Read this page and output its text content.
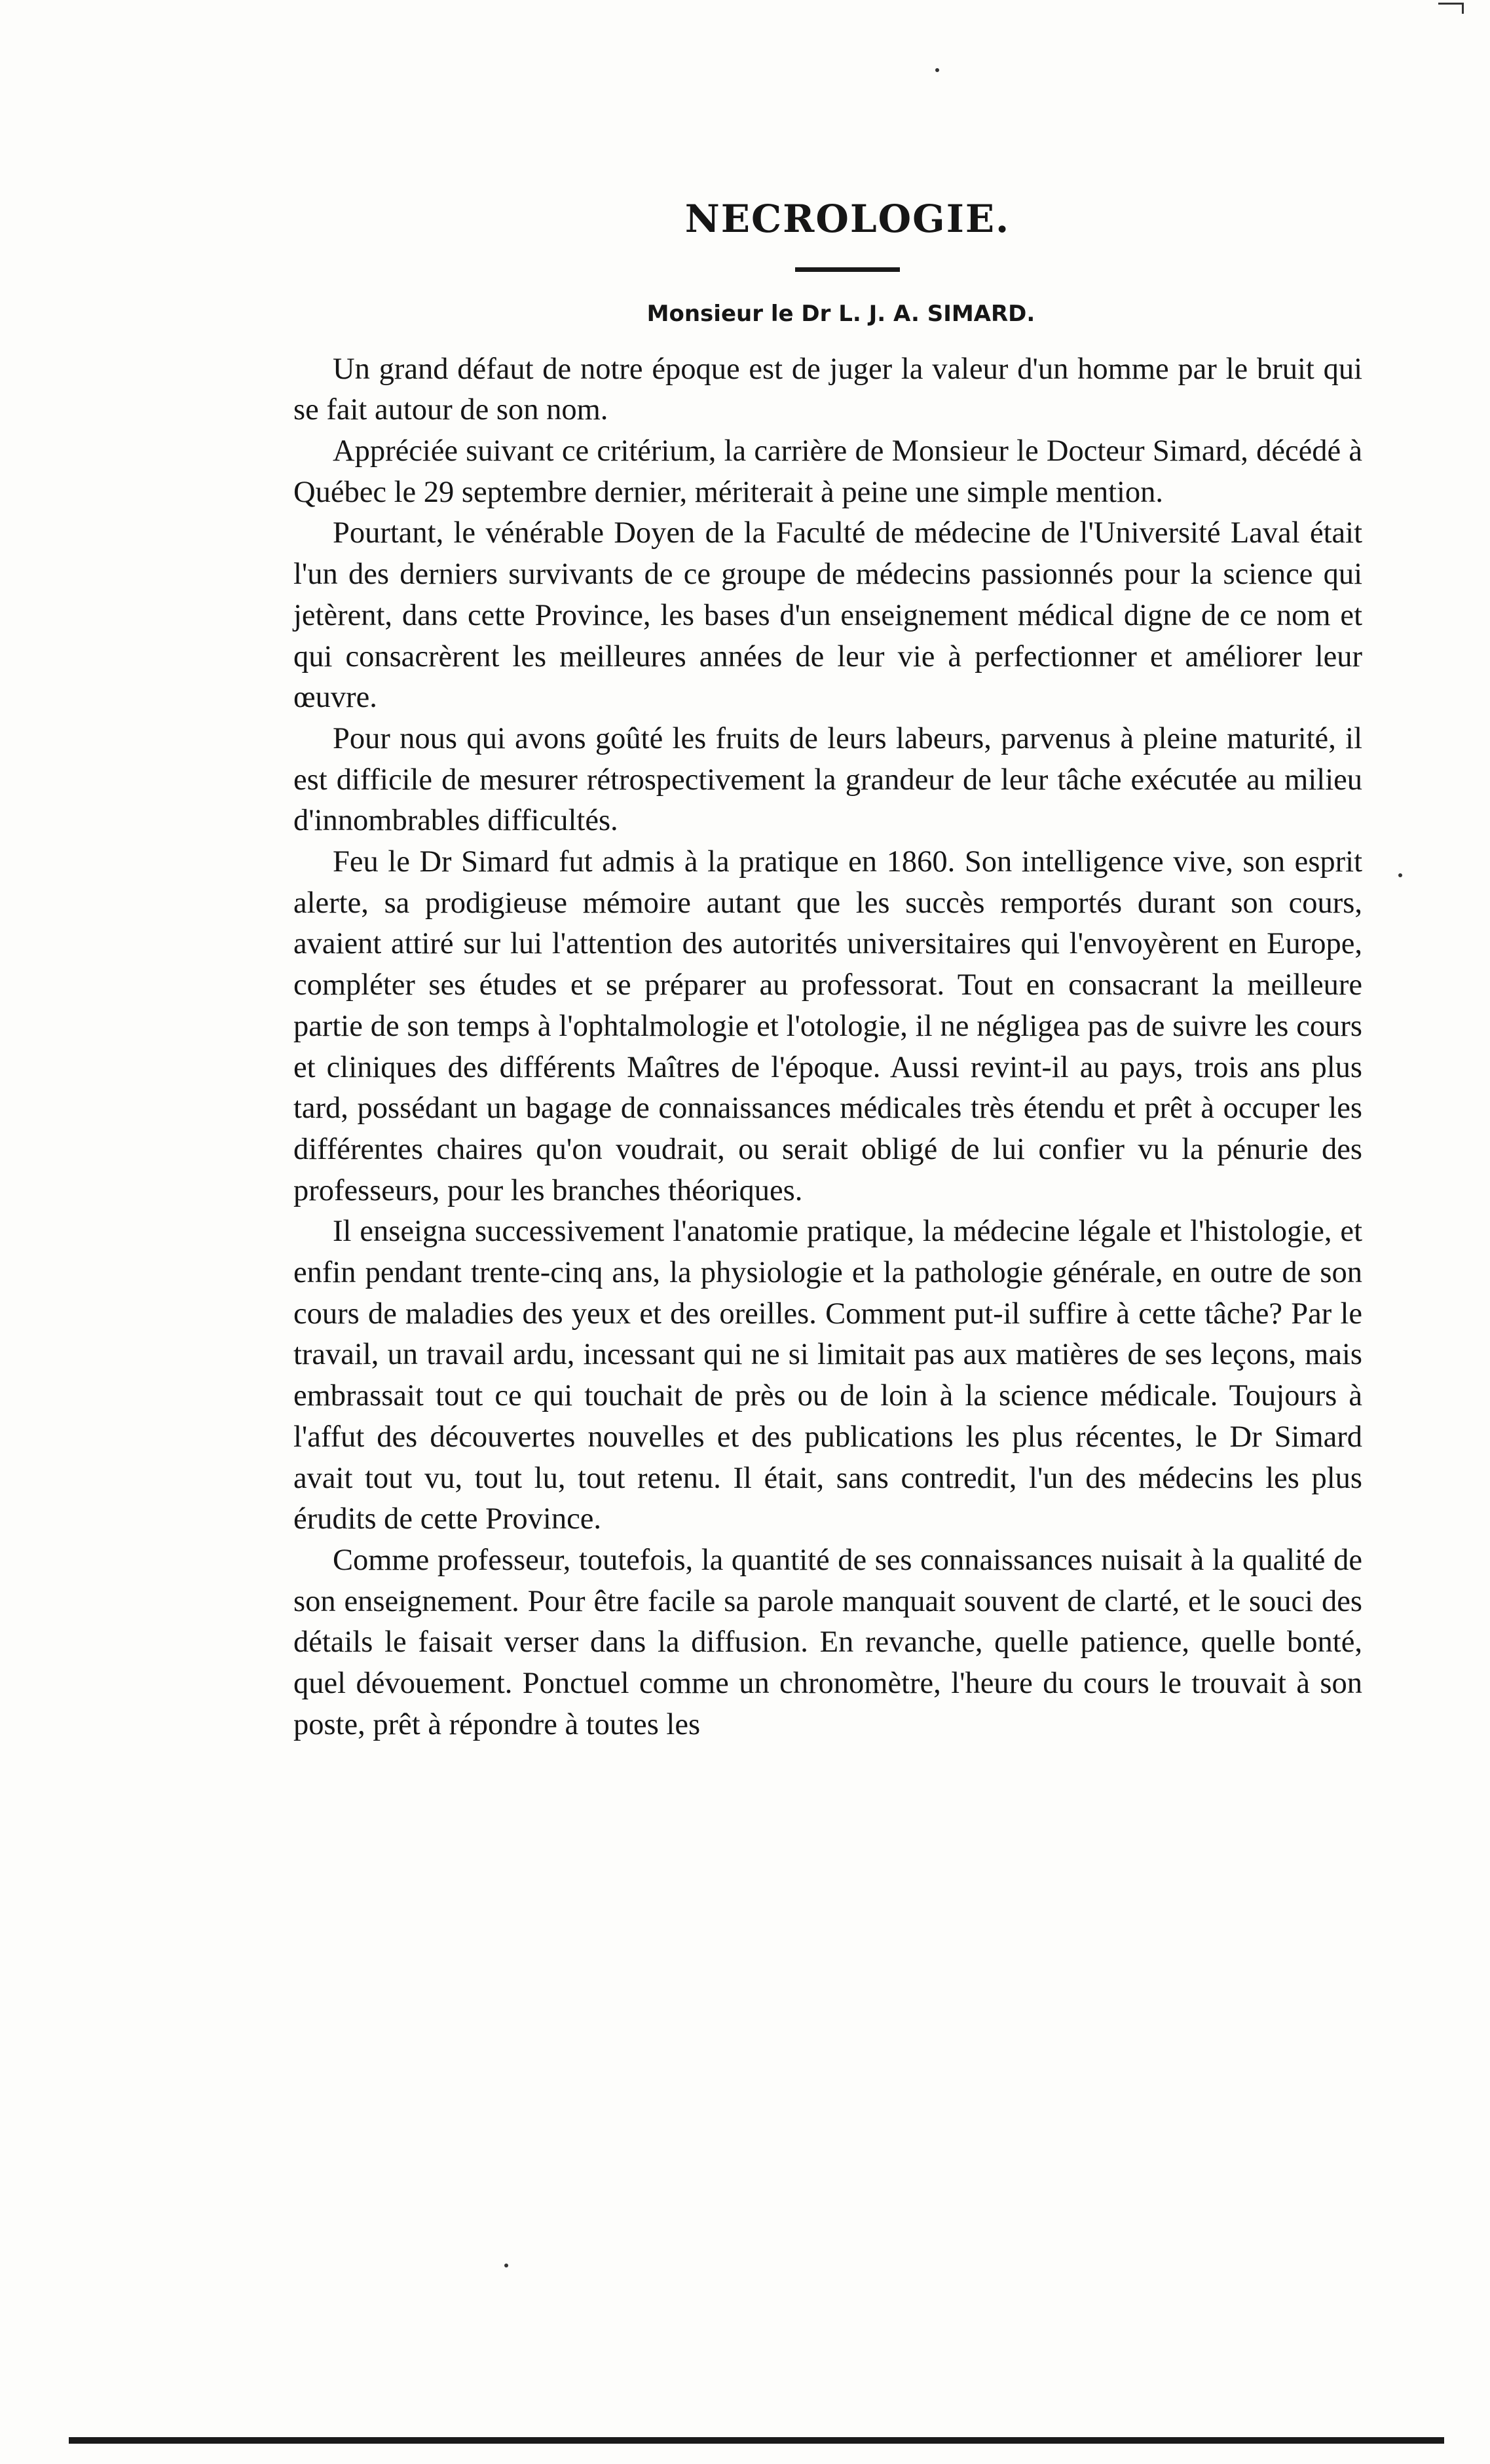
NECROLOGIE.
Monsieur le Dr L. J. A. SIMARD.

Un grand défaut de notre époque est de juger la valeur d'un homme par le bruit qui se fait autour de son nom.

Appréciée suivant ce critérium, la carrière de Monsieur le Docteur Simard, décédé à Québec le 29 septembre dernier, mériterait à peine une simple mention.

Pourtant, le vénérable Doyen de la Faculté de médecine de l'Université Laval était l'un des derniers survivants de ce groupe de médecins passionnés pour la science qui jetèrent, dans cette Province, les bases d'un enseignement médical digne de ce nom et qui consacrèrent les meilleures années de leur vie à perfectionner et améliorer leur œuvre.

Pour nous qui avons goûté les fruits de leurs labeurs, parvenus à pleine maturité, il est difficile de mesurer rétrospectivement la grandeur de leur tâche exécutée au milieu d'innombrables difficultés.

Feu le Dr Simard fut admis à la pratique en 1860. Son intelligence vive, son esprit alerte, sa prodigieuse mémoire autant que les succès remportés durant son cours, avaient attiré sur lui l'attention des autorités universitaires qui l'envoyèrent en Europe, compléter ses études et se préparer au professorat. Tout en consacrant la meilleure partie de son temps à l'ophtalmologie et l'otologie, il ne négligea pas de suivre les cours et cliniques des différents Maîtres de l'époque. Aussi revint-il au pays, trois ans plus tard, possédant un bagage de connaissances médicales très étendu et prêt à occuper les différentes chaires qu'on voudrait, ou serait obligé de lui confier vu la pénurie des professeurs, pour les branches théoriques.

Il enseigna successivement l'anatomie pratique, la médecine légale et l'histologie, et enfin pendant trente-cinq ans, la physiologie et la pathologie générale, en outre de son cours de maladies des yeux et des oreilles. Comment put-il suffire à cette tâche? Par le travail, un travail ardu, incessant qui ne si limitait pas aux matières de ses leçons, mais embrassait tout ce qui touchait de près ou de loin à la science médicale. Toujours à l'affut des découvertes nouvelles et des publications les plus récentes, le Dr Simard avait tout vu, tout lu, tout retenu. Il était, sans contredit, l'un des médecins les plus érudits de cette Province.

Comme professeur, toutefois, la quantité de ses connaissances nuisait à la qualité de son enseignement. Pour être facile sa parole manquait souvent de clarté, et le souci des détails le faisait verser dans la diffusion. En revanche, quelle patience, quelle bonté, quel dévouement. Ponctuel comme un chronomètre, l'heure du cours le trouvait à son poste, prêt à répondre à toutes les
